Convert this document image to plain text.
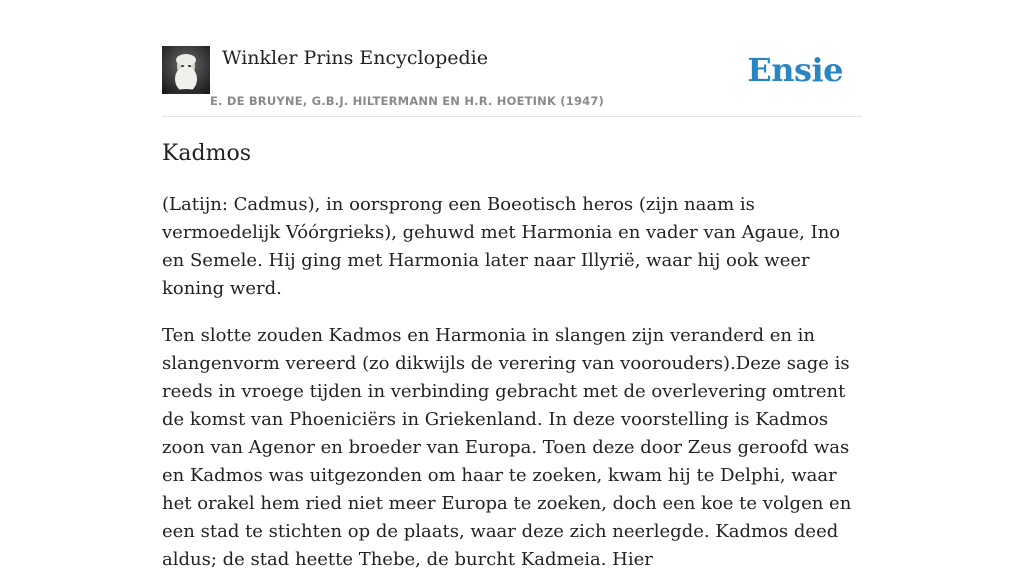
Winkler Prins Encyclopedie
E. DE BRUYNE, G.B.J. HILTERMANN EN H.R. HOETINK (1947)
Ensie
Kadmos

(Latijn: Cadmus), in oorsprong een Boeotisch heros (zijn naam is vermoedelijk Vóórgrieks), gehuwd met Harmonia en vader van Agaue, Ino en Semele. Hij ging met Harmonia later naar Illyrië, waar hij ook weer koning werd.

Ten slotte zouden Kadmos en Harmonia in slangen zijn veranderd en in slangenvorm vereerd (zo dikwijls de verering van voorouders).Deze sage is reeds in vroege tijden in verbinding gebracht met de overlevering omtrent de komst van Phoeniciërs in Griekenland. In deze voorstelling is Kadmos zoon van Agenor en broeder van Europa. Toen deze door Zeus geroofd was en Kadmos was uitgezonden om haar te zoeken, kwam hij te Delphi, waar het orakel hem ried niet meer Europa te zoeken, doch een koe te volgen en een stad te stichten op de plaats, waar deze zich neerlegde. Kadmos deed aldus; de stad heette Thebe, de burcht Kadmeia. Hier
